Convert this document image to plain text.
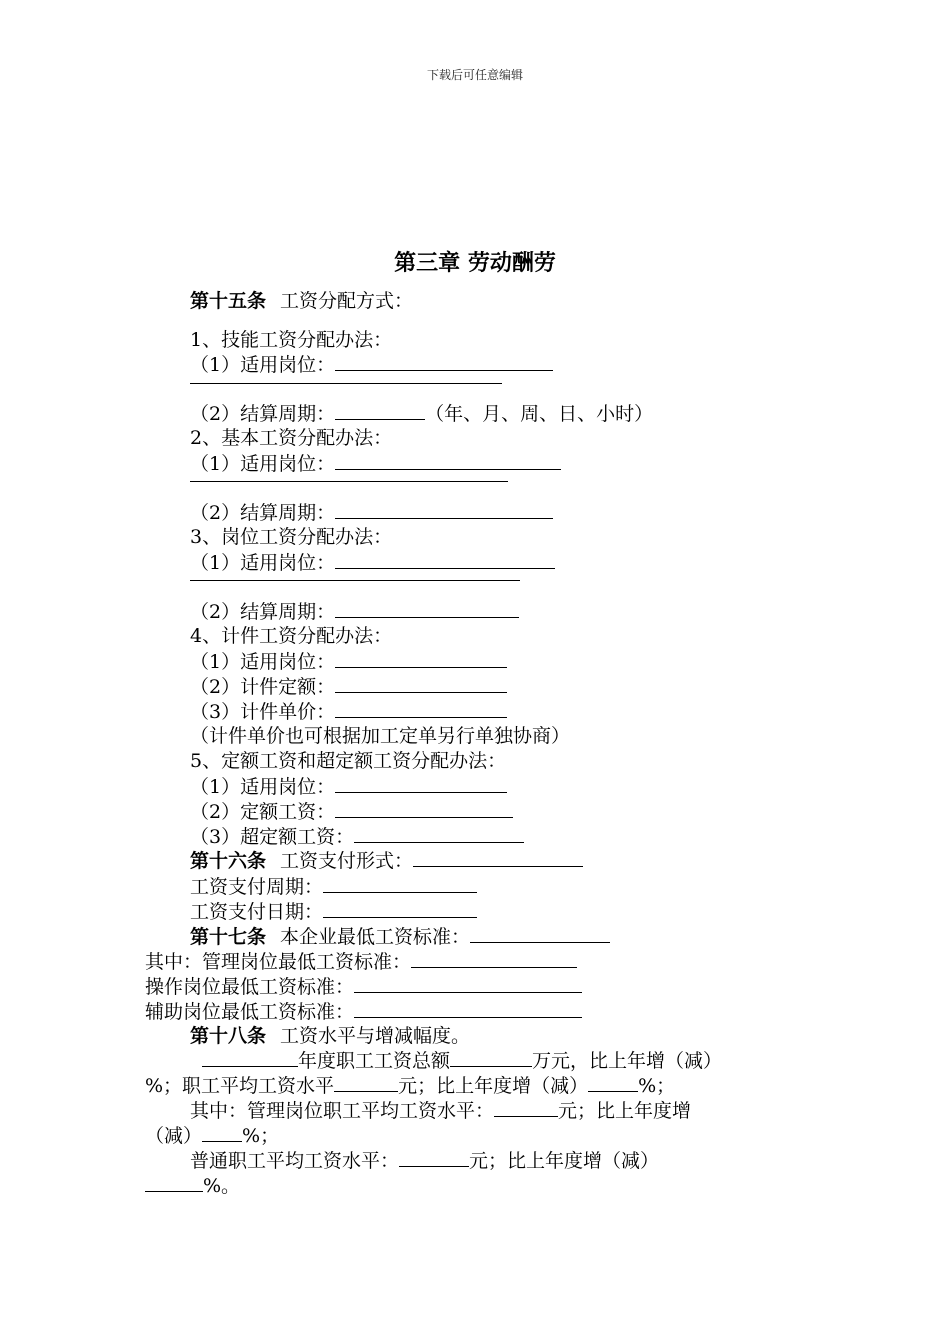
下载后可任意编辑
第三章 劳动酬劳
第十五条 工资分配方式：
1、技能工资分配办法：
（1）适用岗位：
（2）结算周期：	（年、月、周、日、小时）
2、基本工资分配办法：
（1）适用岗位：
（2）结算周期：
3、岗位工资分配办法：
（1）适用岗位：
（2）结算周期：
4、计件工资分配办法：
（1）适用岗位：
（2）计件定额：
（3）计件单价：
（计件单价也可根据加工定单另行单独协商）
5、定额工资和超定额工资分配办法：
（1）适用岗位：
（2）定额工资：
（3）超定额工资：
第十六条 工资支付形式：
工资支付周期：
工资支付日期：
第十七条 本企业最低工资标准：
其中：管理岗位最低工资标准：
操作岗位最低工资标准：
辅助岗位最低工资标准：
第十八条 工资水平与增减幅度。
年度职工工资总额	万元，比上年增（减）
%；职工平均工资水平	元；比上年度增（减）	%；
其中：管理岗位职工平均工资水平：	元；比上年度增
（减） %；
普通职工平均工资水平：	元；比上年度增（减）
%。
